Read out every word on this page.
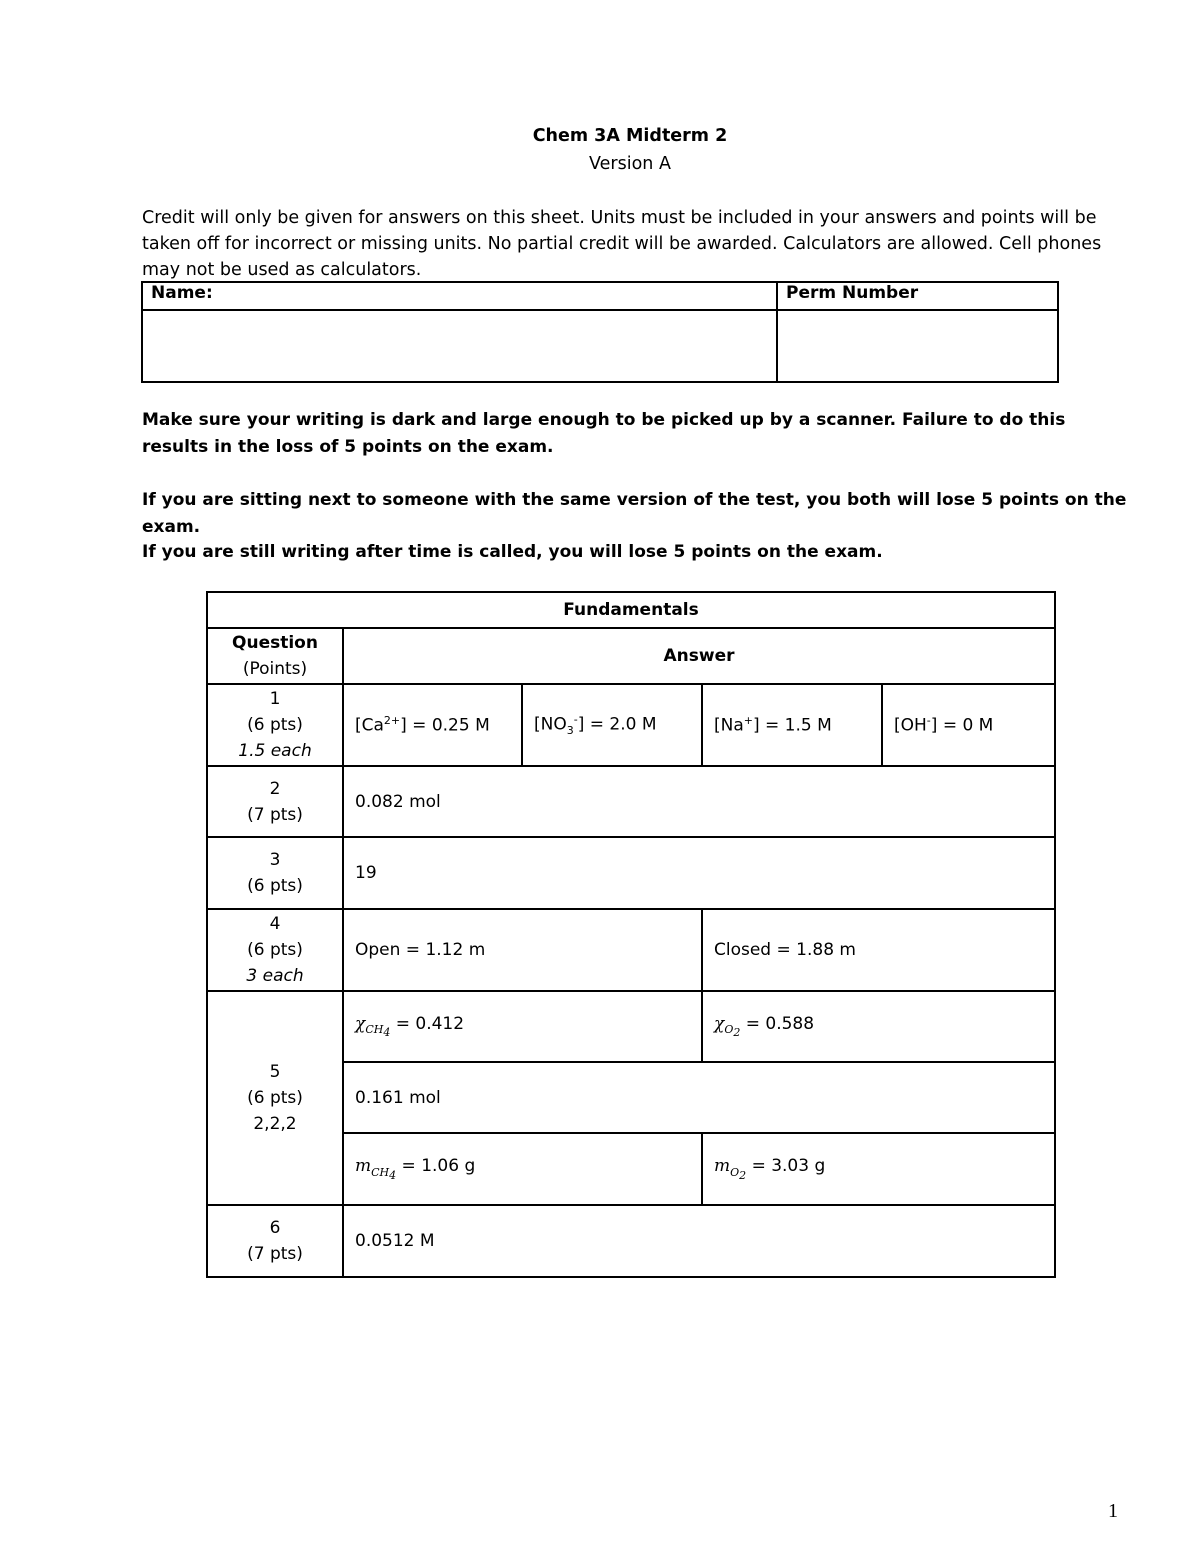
Chem 3A Midterm 2
Version A
Credit will only be given for answers on this sheet. Units must be included in your answers and points will be taken off for incorrect or missing units. No partial credit will be awarded. Calculators are allowed. Cell phones may not be used as calculators.
Name:	Perm Number

Make sure your writing is dark and large enough to be picked up by a scanner. Failure to do this results in the loss of 5 points on the exam.
If you are sitting next to someone with the same version of the test, you both will lose 5 points on the exam.
If you are still writing after time is called, you will lose 5 points on the exam.
Fundamentals				

Question
(Points)	Answer			

1
(6 pts)
1.5 each	$[Ca^{2+}] = 0.25$ M	$[NO_3^-] = 2.0$ M	[Na+] = 1.5 M	[OH-] = 0 M

2
(7 pts)	0.082 mol			

3
(6 pts)	19			

4
(6 pts)
3 each	Open = 1.12 m		Closed = 1.88 m	

5
(6 pts)
2,2,2	$\chi_{CH_4} = 0.412$		$\chi_{O_2} = 0.588$	
	0.161 mol			
	$m_{CH_4} = 1.06$ g		$m_{O_2} = 3.03$ g	

6
(7 pts)	0.0512 M			
1
